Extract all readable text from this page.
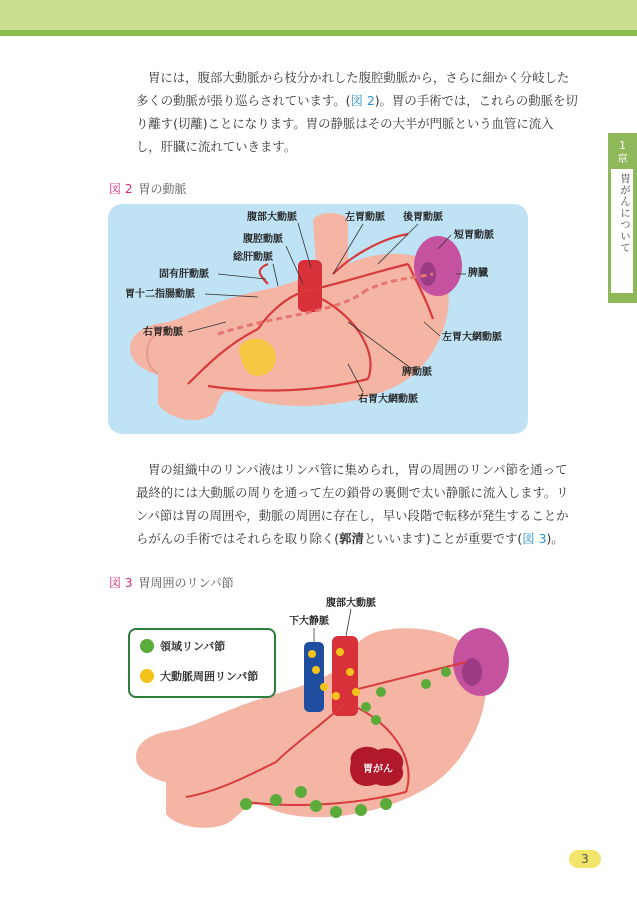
1
章
胃がんについて

胃には，腹部大動脈から枝分かれした腹腔動脈から，さらに細かく分岐した多くの動脈が張り巡らされています。(図 2)。胃の手術では，これらの動脈を切り離す(切離)ことになります。胃の静脈はその大半が門脈という血管に流入し，肝臓に流れていきます。

図 2 胃の動脈
腹部大動脈	左胃動脈 後胃動脈
短胃動脈
腹腔動脈
総肝動脈
固有肝動脈	脾臓
胃十二指腸動脈
右胃動脈	左胃大網動脈
脾動脈
右胃大網動脈

胃の組織中のリンパ液はリンパ管に集められ，胃の周囲のリンパ節を通って最終的には大動脈の周りを通って左の鎖骨の裏側で太い静脈に流入します。リンパ節は胃の周囲や，動脈の周囲に存在し，早い段階で転移が発生することからがんの手術ではそれらを取り除く(郭清といいます)ことが重要です(図 3)。

図 3 胃周囲のリンパ節
腹部大動脈
下大静脈
胃がん
領域リンパ節
大動脈周囲リンパ節
3
